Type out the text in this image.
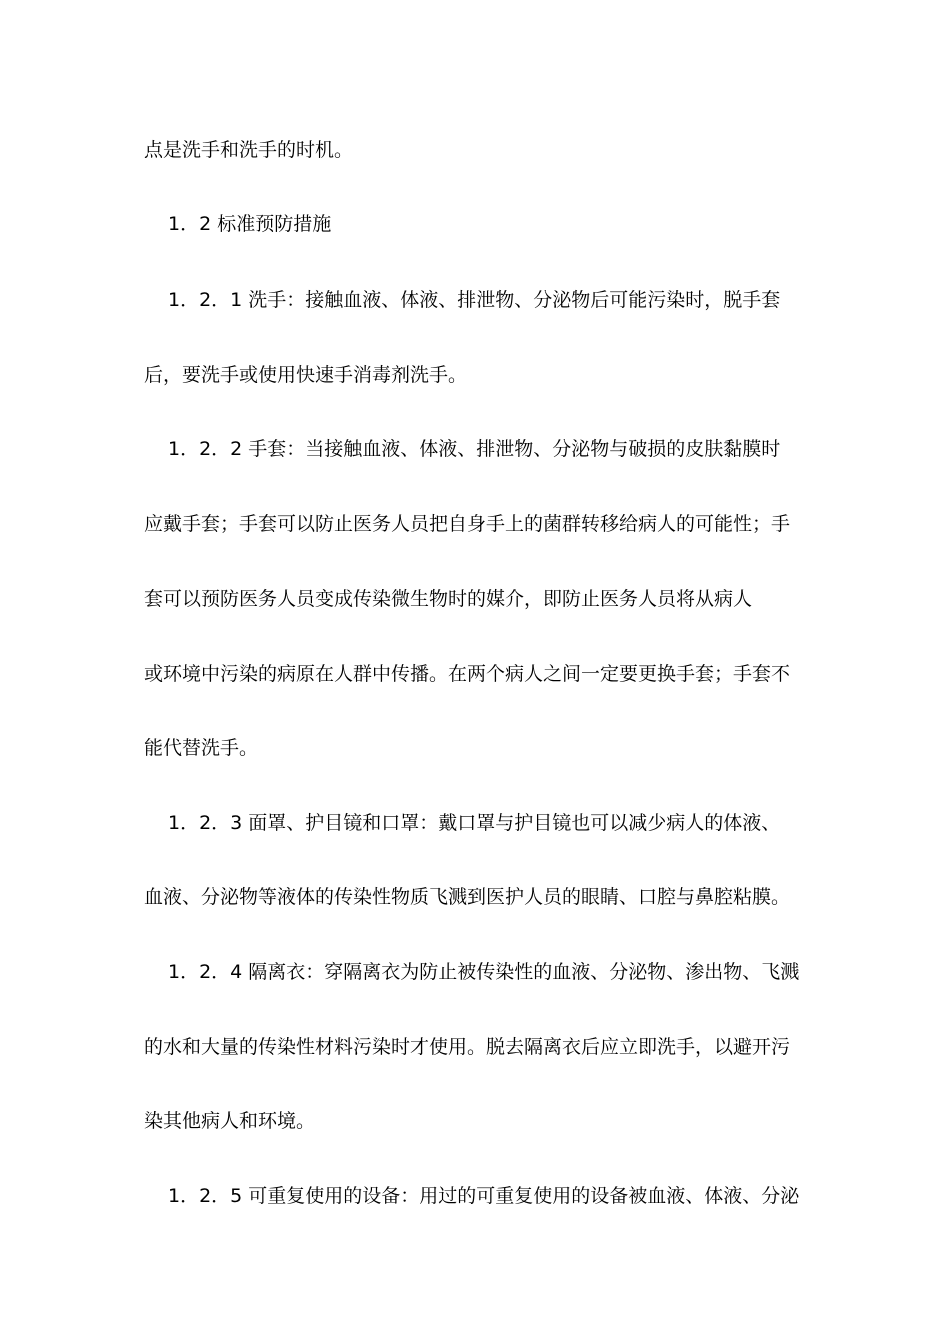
点是洗手和洗手的时机。
1．2 标准预防措施
1．2．1 洗手：接触血液、体液、排泄物、分泌物后可能污染时，脱手套
后，要洗手或使用快速手消毒剂洗手。
1．2．2 手套：当接触血液、体液、排泄物、分泌物与破损的皮肤黏膜时
应戴手套；手套可以防止医务人员把自身手上的菌群转移给病人的可能性；手
套可以预防医务人员变成传染微生物时的媒介，即防止医务人员将从病人
或环境中污染的病原在人群中传播。在两个病人之间一定要更换手套；手套不
能代替洗手。
1．2．3 面罩、护目镜和口罩：戴口罩与护目镜也可以减少病人的体液、
血液、分泌物等液体的传染性物质飞溅到医护人员的眼睛、口腔与鼻腔粘膜。
1．2．4 隔离衣：穿隔离衣为防止被传染性的血液、分泌物、渗出物、飞溅
的水和大量的传染性材料污染时才使用。脱去隔离衣后应立即洗手，以避开污
染其他病人和环境。
1．2．5 可重复使用的设备：用过的可重复使用的设备被血液、体液、分泌
